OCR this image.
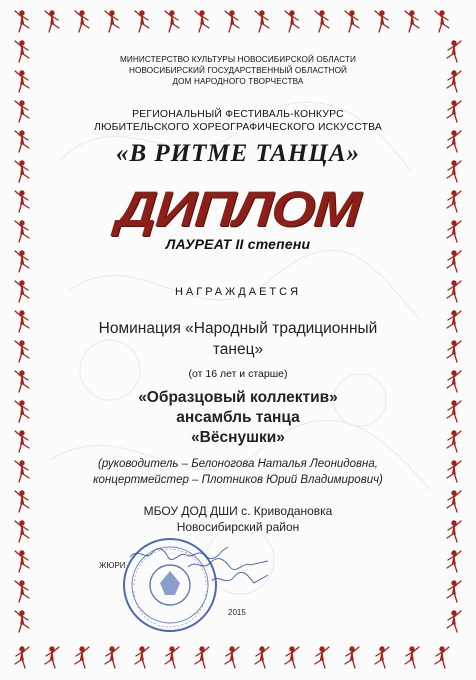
МИНИСТЕРСТВО КУЛЬТУРЫ НОВОСИБИРСКОЙ ОБЛАСТИ
НОВОСИБИРСКИЙ ГОСУДАРСТВЕННЫЙ ОБЛАСТНОЙ
ДОМ НАРОДНОГО ТВОРЧЕСТВА
РЕГИОНАЛЬНЫЙ ФЕСТИВАЛЬ-КОНКУРС
ЛЮБИТЕЛЬСКОГО ХОРЕОГРАФИЧЕСКОГО ИСКУССТВА
«В РИТМЕ ТАНЦА»
ДИПЛОМ
ЛАУРЕАТ II степени
НАГРАЖДАЕТСЯ
Номинация «Народный традиционный
танец»
(от 16 лет и старше)
«Образцовый коллектив»
ансамбль танца
«Вёснушки»
(руководитель – Белоногова Наталья Леонидовна,
концертмейстер – Плотников Юрий Владимирович)
МБОУ ДОД ДШИ с. Криводановка
Новосибирский район
ЖЮРИ
2015
